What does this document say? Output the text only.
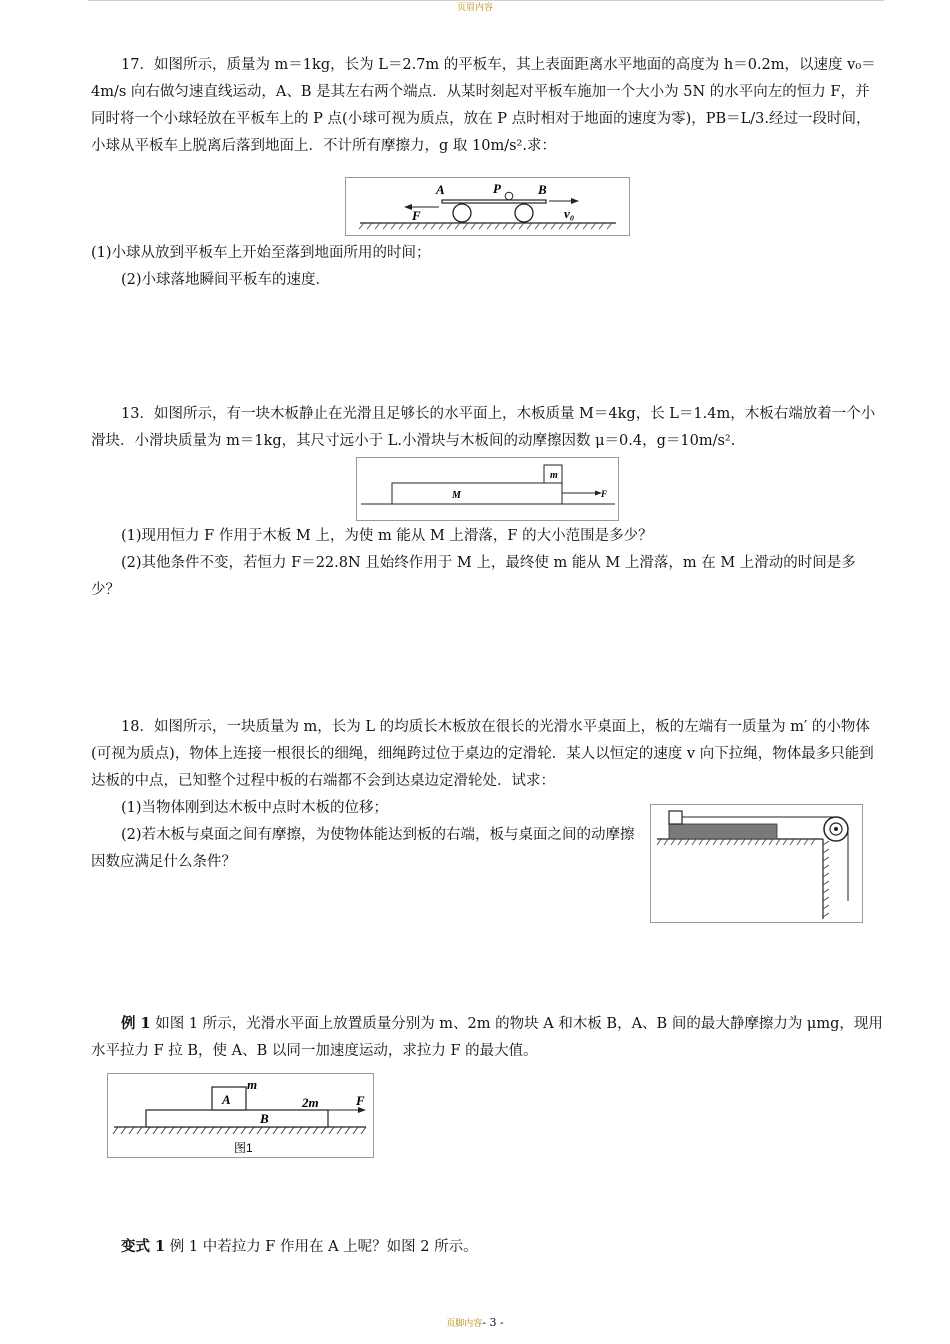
页眉内容

17．如图所示，质量为 m＝1kg，长为 L＝2.7m 的平板车，其上表面距离水平地面的高度为 h＝0.2m，以速度 v₀＝4m/s 向右做匀速直线运动，A、B 是其左右两个端点．从某时刻起对平板车施加一个大小为 5N 的水平向左的恒力 F，并同时将一个小球轻放在平板车上的 P 点(小球可视为质点，放在 P 点时相对于地面的速度为零)，PB＝L/3.经过一段时间，小球从平板车上脱离后落到地面上．不计所有摩擦力，g 取 10m/s².求：

A	P	B
F	v₀

(1)小球从放到平板车上开始至落到地面所用的时间；

(2)小球落地瞬间平板车的速度．

13．如图所示，有一块木板静止在光滑且足够长的水平面上，木板质量 M＝4kg，长 L＝1.4m，木板右端放着一个小滑块．小滑块质量为 m＝1kg，其尺寸远小于 L.小滑块与木板间的动摩擦因数 μ＝0.4，g＝10m/s².

m
M	F

(1)现用恒力 F 作用于木板 M 上，为使 m 能从 M 上滑落，F 的大小范围是多少？

(2)其他条件不变，若恒力 F＝22.8N 且始终作用于 M 上，最终使 m 能从 M 上滑落，m 在 M 上滑动的时间是多少？

18．如图所示，一块质量为 m，长为 L 的均质长木板放在很长的光滑水平桌面上，板的左端有一质量为 m′ 的小物体(可视为质点)，物体上连接一根很长的细绳，细绳跨过位于桌边的定滑轮．某人以恒定的速度 v 向下拉绳，物体最多只能到达板的中点，已知整个过程中板的右端都不会到达桌边定滑轮处．试求：

(1)当物体刚到达木板中点时木板的位移；

(2)若木板与桌面之间有摩擦，为使物体能达到板的右端，板与桌面之间的动摩擦因数应满足什么条件？

例 1 如图 1 所示，光滑水平面上放置质量分别为 m、2m 的物块 A 和木板 B，A、B 间的最大静摩擦力为 μmg，现用水平拉力 F 拉 B，使 A、B 以同一加速度运动，求拉力 F 的最大值。

m
A
B
2m	F
图1

变式 1 例 1 中若拉力 F 作用在 A 上呢？如图 2 所示。

页脚内容- 3 -
